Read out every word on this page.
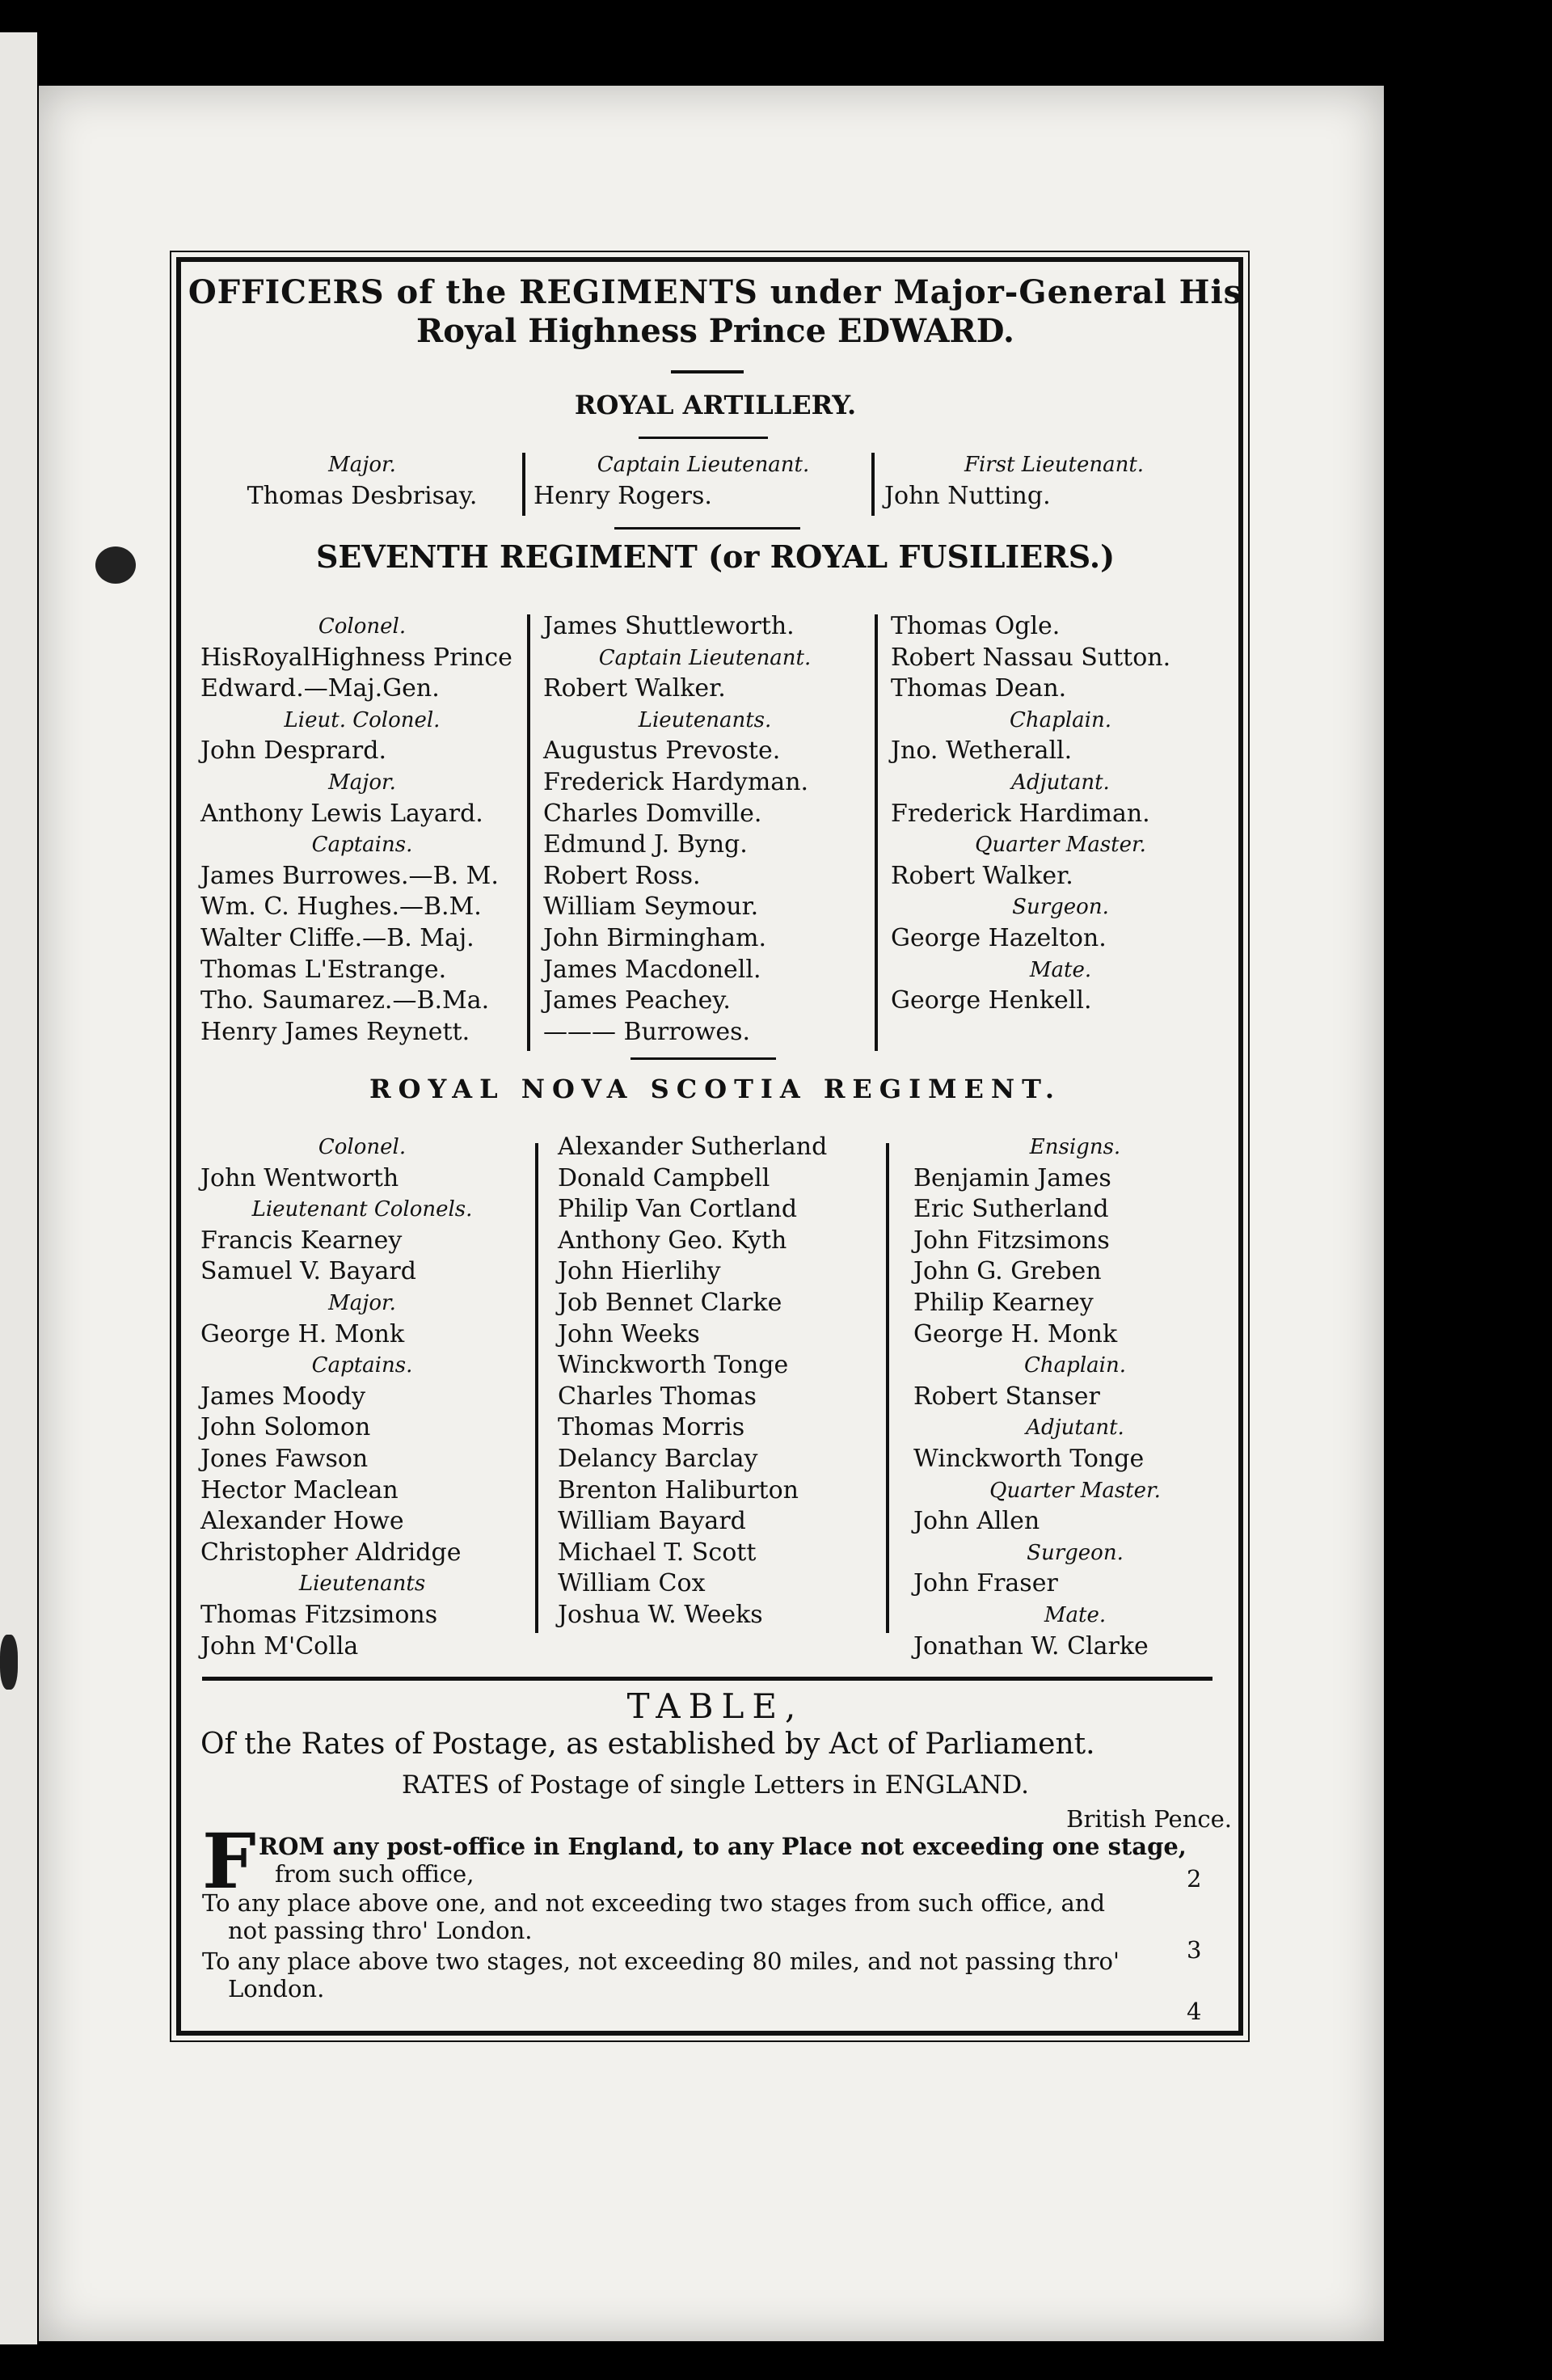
OFFICERS of the REGIMENTS under Major-General His
Royal Highness Prince EDWARD.
ROYAL ARTILLERY.
Major.
Thomas Desbrisay.
Captain Lieutenant.
Henry Rogers.
First Lieutenant.
John Nutting.
SEVENTH REGIMENT (or ROYAL FUSILIERS.)
Colonel.
HisRoyalHighness Prince
Edward.—Maj.Gen.
Lieut. Colonel.
John Desprard.
Major.
Anthony Lewis Layard.
Captains.
James Burrowes.—B. M.
Wm. C. Hughes.—B.M.
Walter Cliffe.—B. Maj.
Thomas L'Estrange.
Tho. Saumarez.—B.Ma.
Henry James Reynett.
James Shuttleworth.
Captain Lieutenant.
Robert Walker.
Lieutenants.
Augustus Prevoste.
Frederick Hardyman.
Charles Domville.
Edmund J. Byng.
Robert Ross.
William Seymour.
John Birmingham.
James Macdonell.
James Peachey.
——— Burrowes.
Thomas Ogle.
Robert Nassau Sutton.
Thomas Dean.
Chaplain.
Jno. Wetherall.
Adjutant.
Frederick Hardiman.
Quarter Master.
Robert Walker.
Surgeon.
George Hazelton.
Mate.
George Henkell.
ROYAL NOVA SCOTIA REGIMENT.
Colonel.
John Wentworth
Lieutenant Colonels.
Francis Kearney
Samuel V. Bayard
Major.
George H. Monk
Captains.
James Moody
John Solomon
Jones Fawson
Hector Maclean
Alexander Howe
Christopher Aldridge
Lieutenants
Thomas Fitzsimons
John M'Colla
Alexander Sutherland
Donald Campbell
Philip Van Cortland
Anthony Geo. Kyth
John Hierlihy
Job Bennet Clarke
John Weeks
Winckworth Tonge
Charles Thomas
Thomas Morris
Delancy Barclay
Brenton Haliburton
William Bayard
Michael T. Scott
William Cox
Joshua W. Weeks
Ensigns.
Benjamin James
Eric Sutherland
John Fitzsimons
John G. Greben
Philip Kearney
George H. Monk
Chaplain.
Robert Stanser
Adjutant.
Winckworth Tonge
Quarter Master.
John Allen
Surgeon.
John Fraser
Mate.
Jonathan W. Clarke
TABLE,
Of the Rates of Postage, as established by Act of Parliament.
RATES of Postage of single Letters in ENGLAND.
British Pence.
F ROM any post-office in England, to any Place not exceeding one stage,
from such office,	2
To any place above one, and not exceeding two stages from such office, and
not passing thro' London.
3
To any place above two stages, not exceeding 80 miles, and not passing thro'
London.
4
